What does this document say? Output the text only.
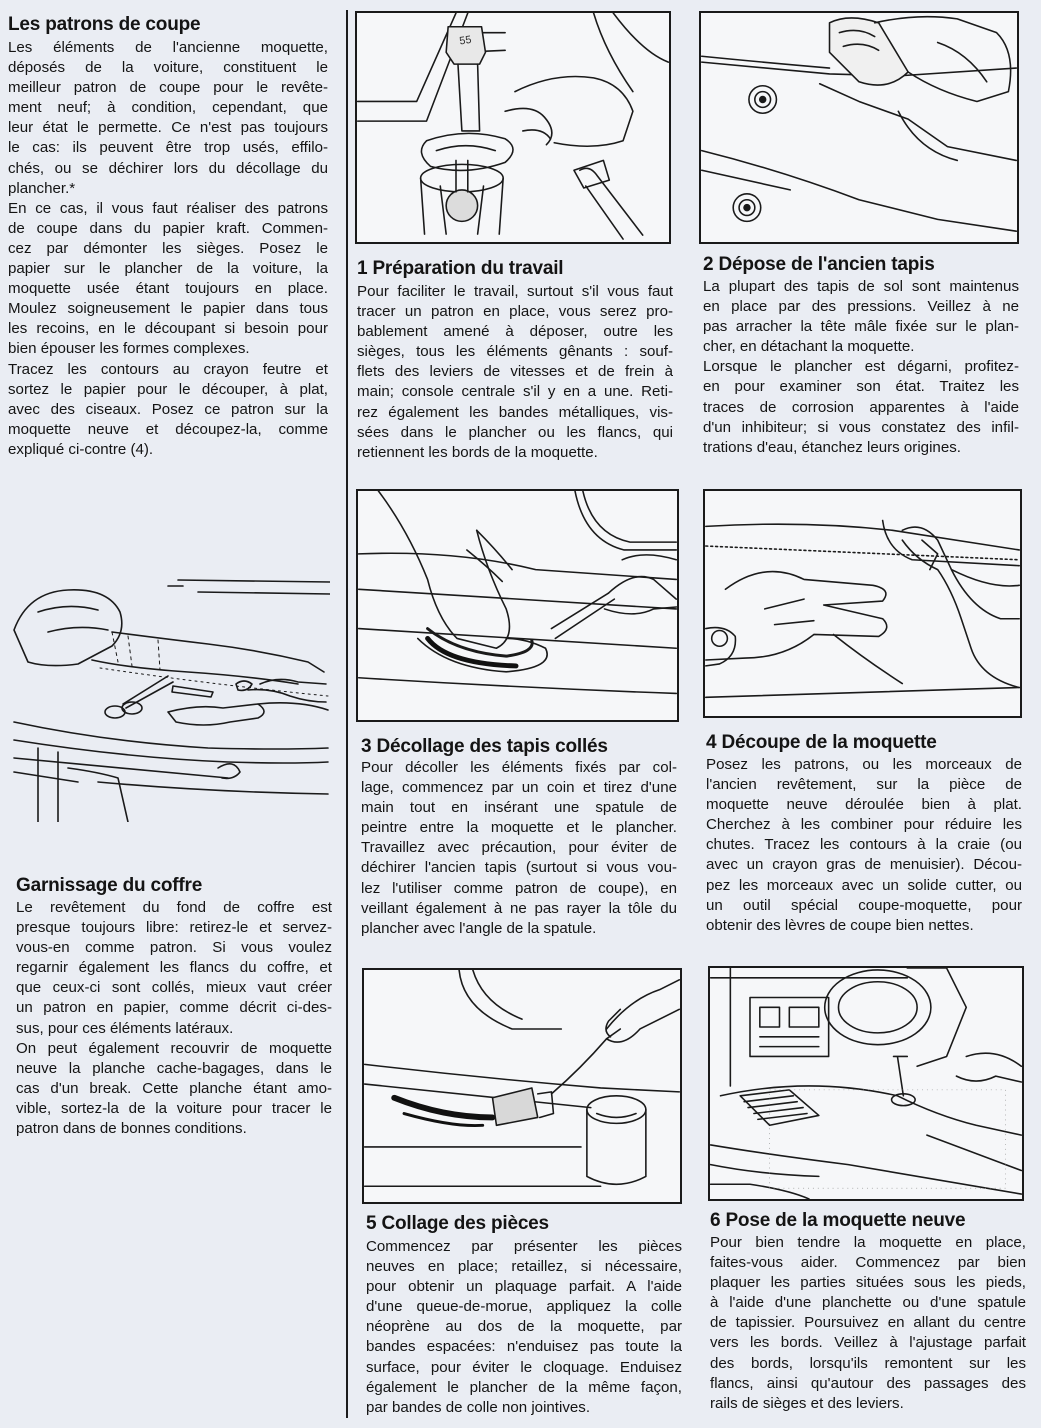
Les patrons de coupe
Les éléments de l'ancienne moquette,
déposés de la voiture, constituent le
meilleur patron de coupe pour le revête-
ment neuf; à condition, cependant, que
leur état le permette. Ce n'est pas toujours
le cas: ils peuvent être trop usés, effilo-
chés, ou se déchirer lors du décollage du
plancher.*
En ce cas, il vous faut réaliser des patrons
de coupe dans du papier kraft. Commen-
cez par démonter les sièges. Posez le
papier sur le plancher de la voiture, la
moquette usée étant toujours en place.
Moulez soigneusement le papier dans tous
les recoins, en le découpant si besoin pour
bien épouser les formes complexes.
Tracez les contours au crayon feutre et
sortez le papier pour le découper, à plat,
avec des ciseaux. Posez ce patron sur la
moquette neuve et découpez-la, comme
expliqué ci-contre (4).
Garnissage du coffre
Le revêtement du fond de coffre est
presque toujours libre: retirez-le et servez-
vous-en comme patron. Si vous voulez
regarnir également les flancs du coffre, et
que ceux-ci sont collés, mieux vaut créer
un patron en papier, comme décrit ci-des-
sus, pour ces éléments latéraux.
On peut également recouvrir de moquette
neuve la planche cache-bagages, dans le
cas d'un break. Cette planche étant amo-
vible, sortez-la de la voiture pour tracer le
patron dans de bonnes conditions.
55
1 Préparation du travail
Pour faciliter le travail, surtout s'il vous faut
tracer un patron en place, vous serez pro-
bablement amené à déposer, outre les
sièges, tous les éléments gênants : souf-
flets des leviers de vitesses et de frein à
main; console centrale s'il y en a une. Reti-
rez également les bandes métalliques, vis-
sées dans le plancher ou les flancs, qui
retiennent les bords de la moquette.
2 Dépose de l'ancien tapis
La plupart des tapis de sol sont maintenus
en place par des pressions. Veillez à ne
pas arracher la tête mâle fixée sur le plan-
cher, en détachant la moquette.
Lorsque le plancher est dégarni, profitez-
en pour examiner son état. Traitez les
traces de corrosion apparentes à l'aide
d'un inhibiteur; si vous constatez des infil-
trations d'eau, étanchez leurs origines.
3 Décollage des tapis collés
Pour décoller les éléments fixés par col-
lage, commencez par un coin et tirez d'une
main tout en insérant une spatule de
peintre entre la moquette et le plancher.
Travaillez avec précaution, pour éviter de
déchirer l'ancien tapis (surtout si vous vou-
lez l'utiliser comme patron de coupe), en
veillant également à ne pas rayer la tôle du
plancher avec l'angle de la spatule.
4 Découpe de la moquette
Posez les patrons, ou les morceaux de
l'ancien revêtement, sur la pièce de
moquette neuve déroulée bien à plat.
Cherchez à les combiner pour réduire les
chutes. Tracez les contours à la craie (ou
avec un crayon gras de menuisier). Décou-
pez les morceaux avec un solide cutter, ou
un outil spécial coupe-moquette, pour
obtenir des lèvres de coupe bien nettes.
5 Collage des pièces
Commencez par présenter les pièces
neuves en place; retaillez, si nécessaire,
pour obtenir un plaquage parfait. A l'aide
d'une queue-de-morue, appliquez la colle
néoprène au dos de la moquette, par
bandes espacées: n'enduisez pas toute la
surface, pour éviter le cloquage. Enduisez
également le plancher de la même façon,
par bandes de colle non jointives.
6 Pose de la moquette neuve
Pour bien tendre la moquette en place,
faites-vous aider. Commencez par bien
plaquer les parties situées sous les pieds,
à l'aide d'une planchette ou d'une spatule
de tapissier. Poursuivez en allant du centre
vers les bords. Veillez à l'ajustage parfait
des bords, lorsqu'ils remontent sur les
flancs, ainsi qu'autour des passages des
rails de sièges et des leviers.
